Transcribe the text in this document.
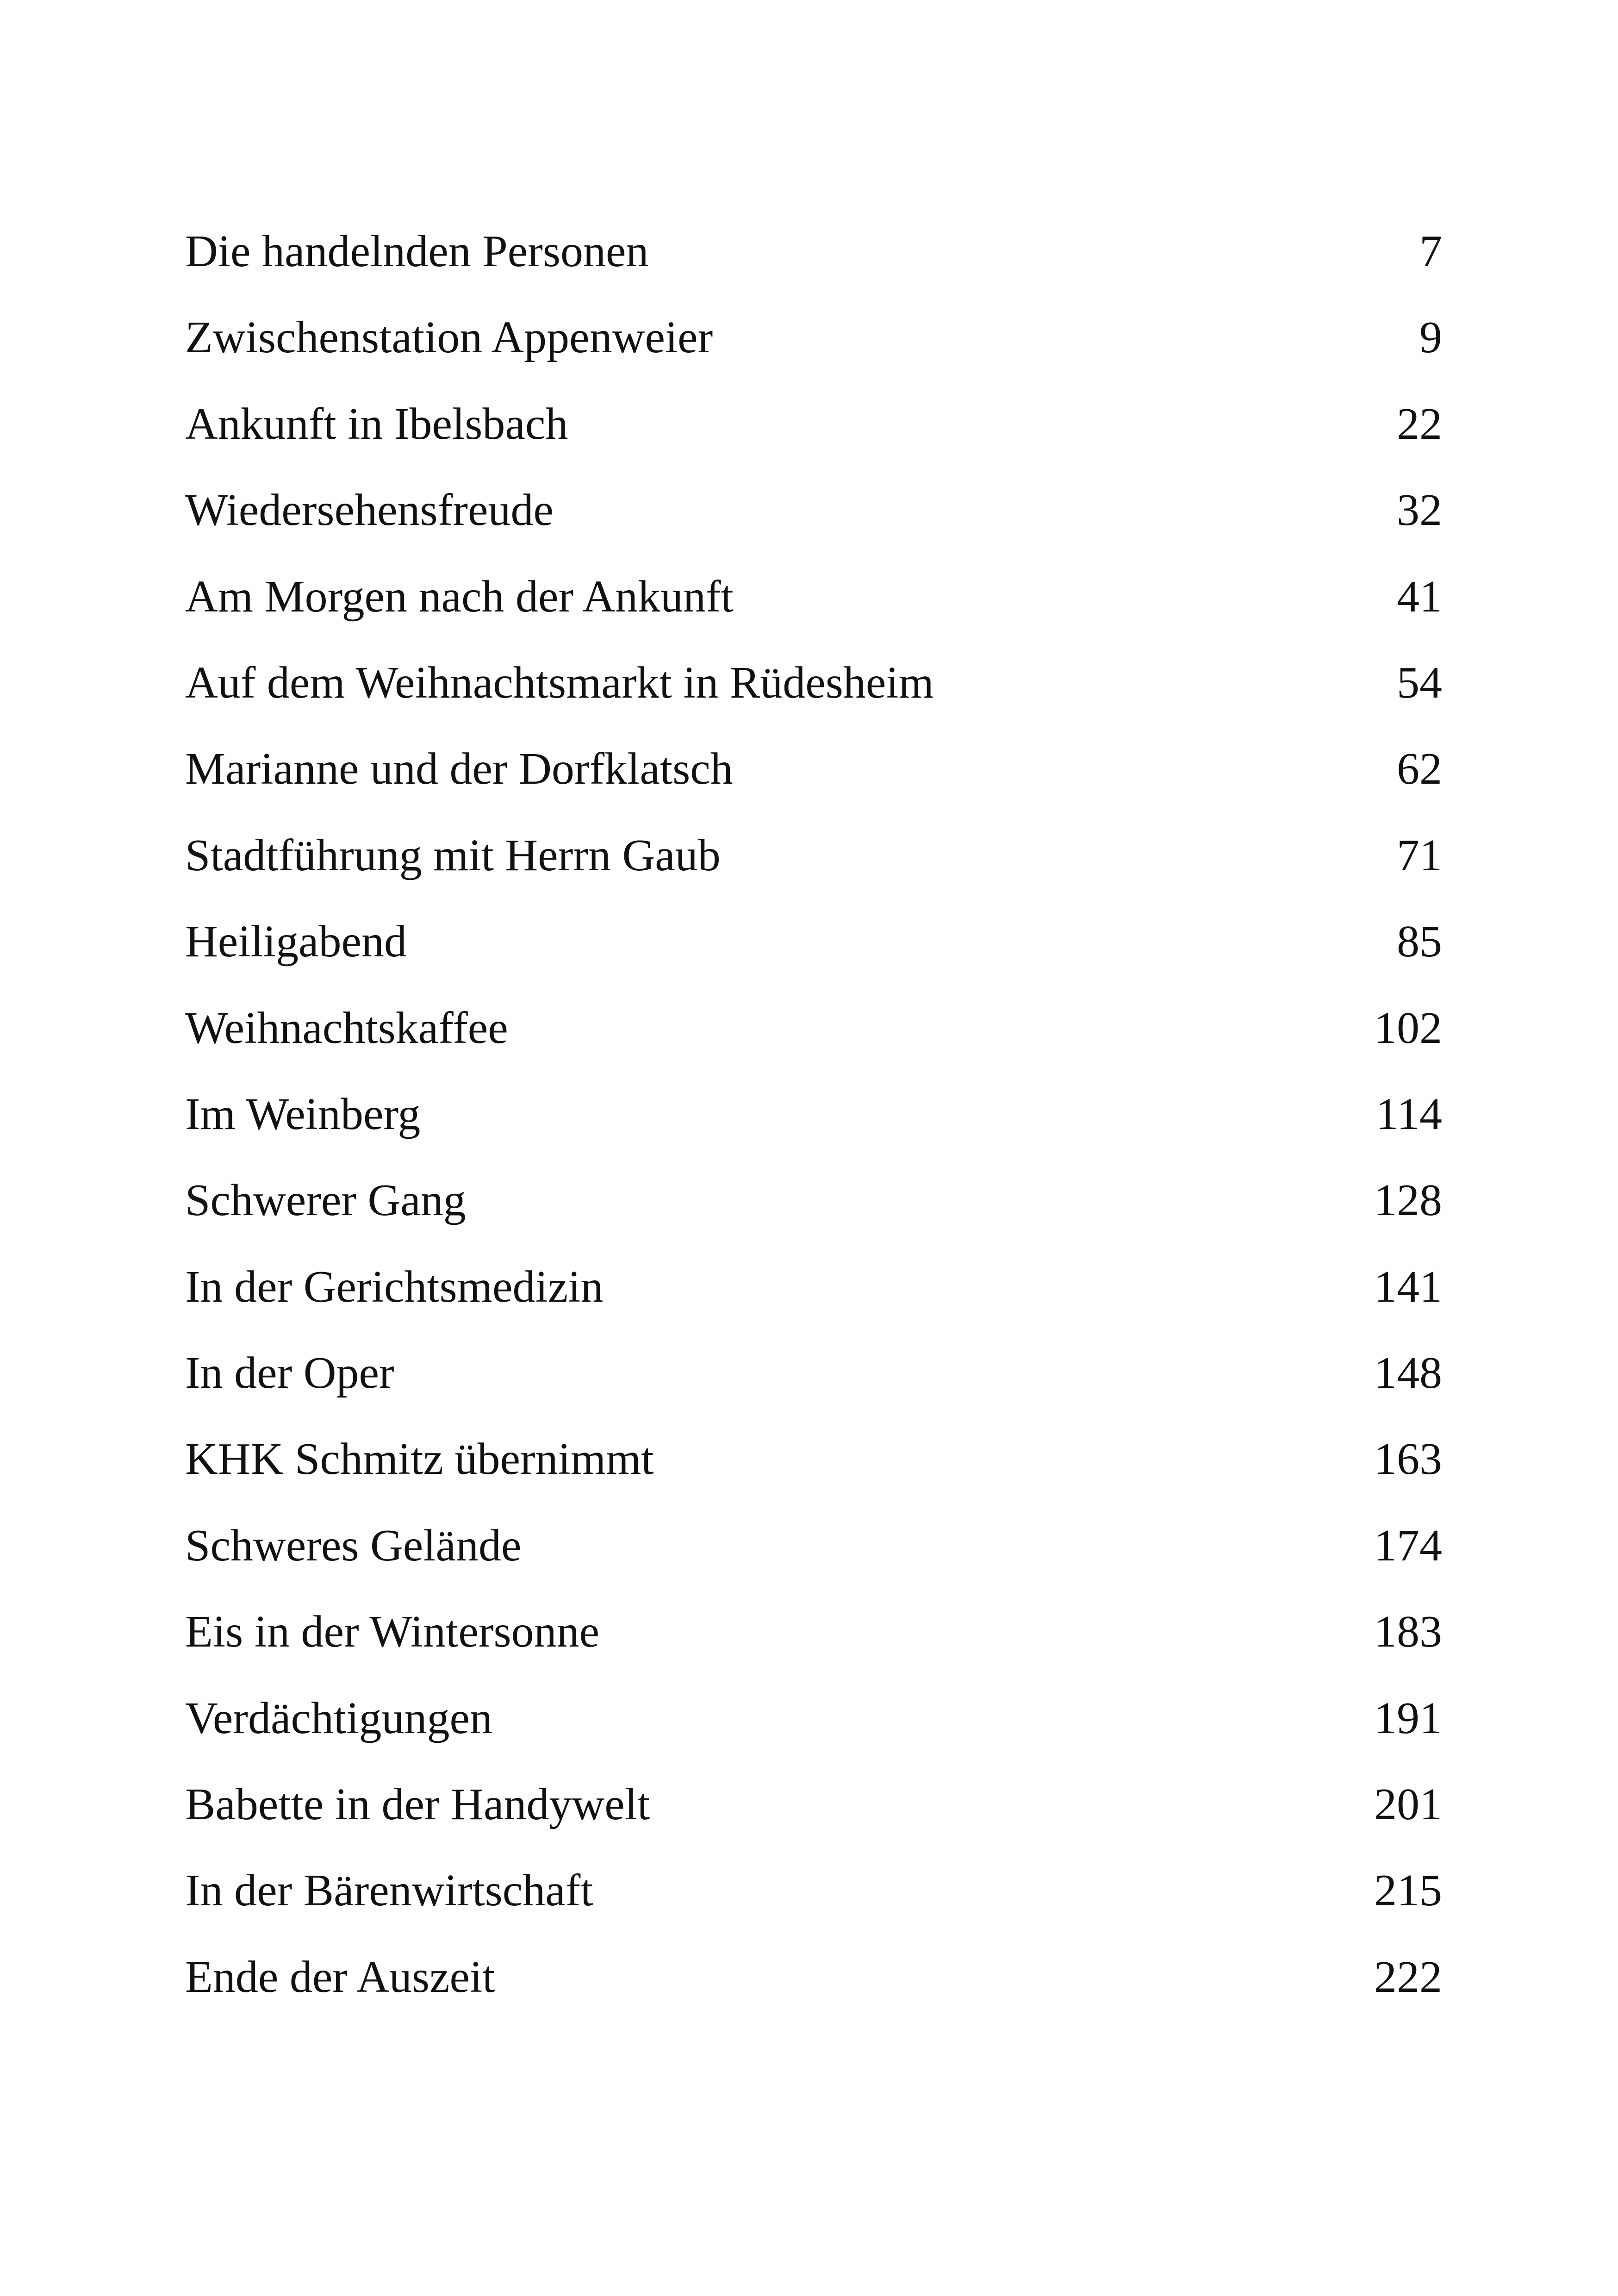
Die handelnden Personen	7
Zwischenstation Appenweier	9
Ankunft in Ibelsbach	22
Wiedersehensfreude	32
Am Morgen nach der Ankunft	41
Auf dem Weihnachtsmarkt in Rüdesheim	54
Marianne und der Dorfklatsch	62
Stadtführung mit Herrn Gaub	71
Heiligabend	85
Weihnachtskaffee	102
Im Weinberg	114
Schwerer Gang	128
In der Gerichtsmedizin	141
In der Oper	148
KHK Schmitz übernimmt	163
Schweres Gelände	174
Eis in der Wintersonne	183
Verdächtigungen	191
Babette in der Handywelt	201
In der Bärenwirtschaft	215
Ende der Auszeit	222
